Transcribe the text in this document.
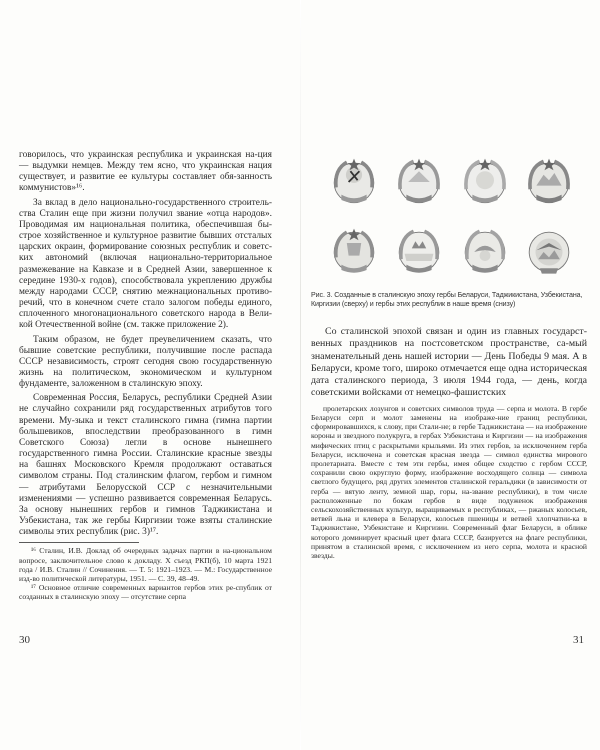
говорилось, что украинская республика и украинская на-ция — выдумки немцев. Между тем ясно, что украинская нация существует, и развитие ее культуры составляет обя-занность коммунистов»¹⁶.

За вклад в дело национально-государственного строитель-ства Сталин еще при жизни получил звание «отца народов». Проводимая им национальная политика, обеспечившая бы-строе хозяйственное и культурное развитие бывших отсталых царских окраин, формирование союзных республик и советс-ких автономий (включая национально-территориальное размежевание на Кавказе и в Средней Азии, завершенное к середине 1930-х годов), способствовала укреплению дружбы между народами СССР, снятию межнациональных противо-речий, что в конечном счете стало залогом победы единого, сплоченного многонационального советского народа в Вели-кой Отечественной войне (см. также приложение 2).

Таким образом, не будет преувеличением сказать, что бывшие советские республики, получившие после распада СССР независимость, строят сегодня свою государственную жизнь на политическом, экономическом и культурном фундаменте, заложенном в сталинскую эпоху.

Современная Россия, Беларусь, республики Средней Азии не случайно сохранили ряд государственных атрибутов того времени. Му-зыка и текст сталинского гимна (гимна партии большевиков, впоследствии преобразованного в гимн Советского Союза) легли в основе нынешнего государственного гимна России. Сталинские красные звезды на башнях Московского Кремля продолжают оставаться символом страны. Под сталинским флагом, гербом и гимном — атрибутами Белорусской ССР с незначительными изменениями — успешно развивается современная Беларусь. За основу нынешних гербов и гимнов Таджикистана и Узбекистана, так же гербы Киргизии тоже взяты сталинские символы этих республик (рис. 3)¹⁷.

¹⁶ Сталин, И.В. Доклад об очередных задачах партии в на-циональном вопросе, заключительное слово к докладу. X съезд РКП(б), 10 марта 1921 года / И.В. Сталин // Сочинения. — Т. 5: 1921–1923. — М.: Государственное изд-во политической литературы, 1951. — С. 39, 48–49.

¹⁷ Основное отличие современных вариантов гербов этих ре-спублик от созданных в сталинскую эпоху — отсутствие серпа

30
Рис. 3. Созданные в сталинскую эпоху гербы Беларуси, Таджикистана, Узбекистана, Киргизии (сверху) и гербы этих республик в наше время (снизу)

Со сталинской эпохой связан и один из главных государст-венных праздников на постсоветском пространстве, са-мый знаменательный день нашей истории — День Победы 9 мая. А в Беларуси, кроме того, широко отмечается еще одна историческая дата сталинского периода, 3 июля 1944 года, — день, когда советскими войсками от немецко-фашистских

пролетарских лозунгов и советских символов труда — серпа и молота. В гербе Беларуси серп и молот заменены на изображе-ние границ республики, сформировавшихся, к слову, при Стали-не; в гербе Таджикистана — на изображение короны и звездного полукруга, в гербах Узбекистана и Киргизии — на изображения мифических птиц с раскрытыми крыльями. Из этих гербов, за исключением герба Беларуси, исключена и советская красная звезда — символ единства мирового пролетариата. Вместе с тем эти гербы, имея общее сходство с гербом СССР, сохранили свою округлую форму, изображение восходящего солнца — символа светлого будущего, ряд других элементов сталинской геральдики (в зависимости от герба — вятую ленту, земной шар, горы, на-звание республики), в том числе расположенные по бокам гербов в виде подуженок изображения сельскохозяйственных культур, выращиваемых в республиках, — ржаных колосьев, ветвей льна и клевера в Беларуси, колосьев пшеницы и ветвей хлопчатни-ка в Таджикистане, Узбекистане и Киргизии. Современный флаг Беларуси, в облике которого доминирует красный цвет флага СССР, базируется на флаге республики, принятом в сталинской время, с исключением из него серпа, молота и красной звезды.

31
